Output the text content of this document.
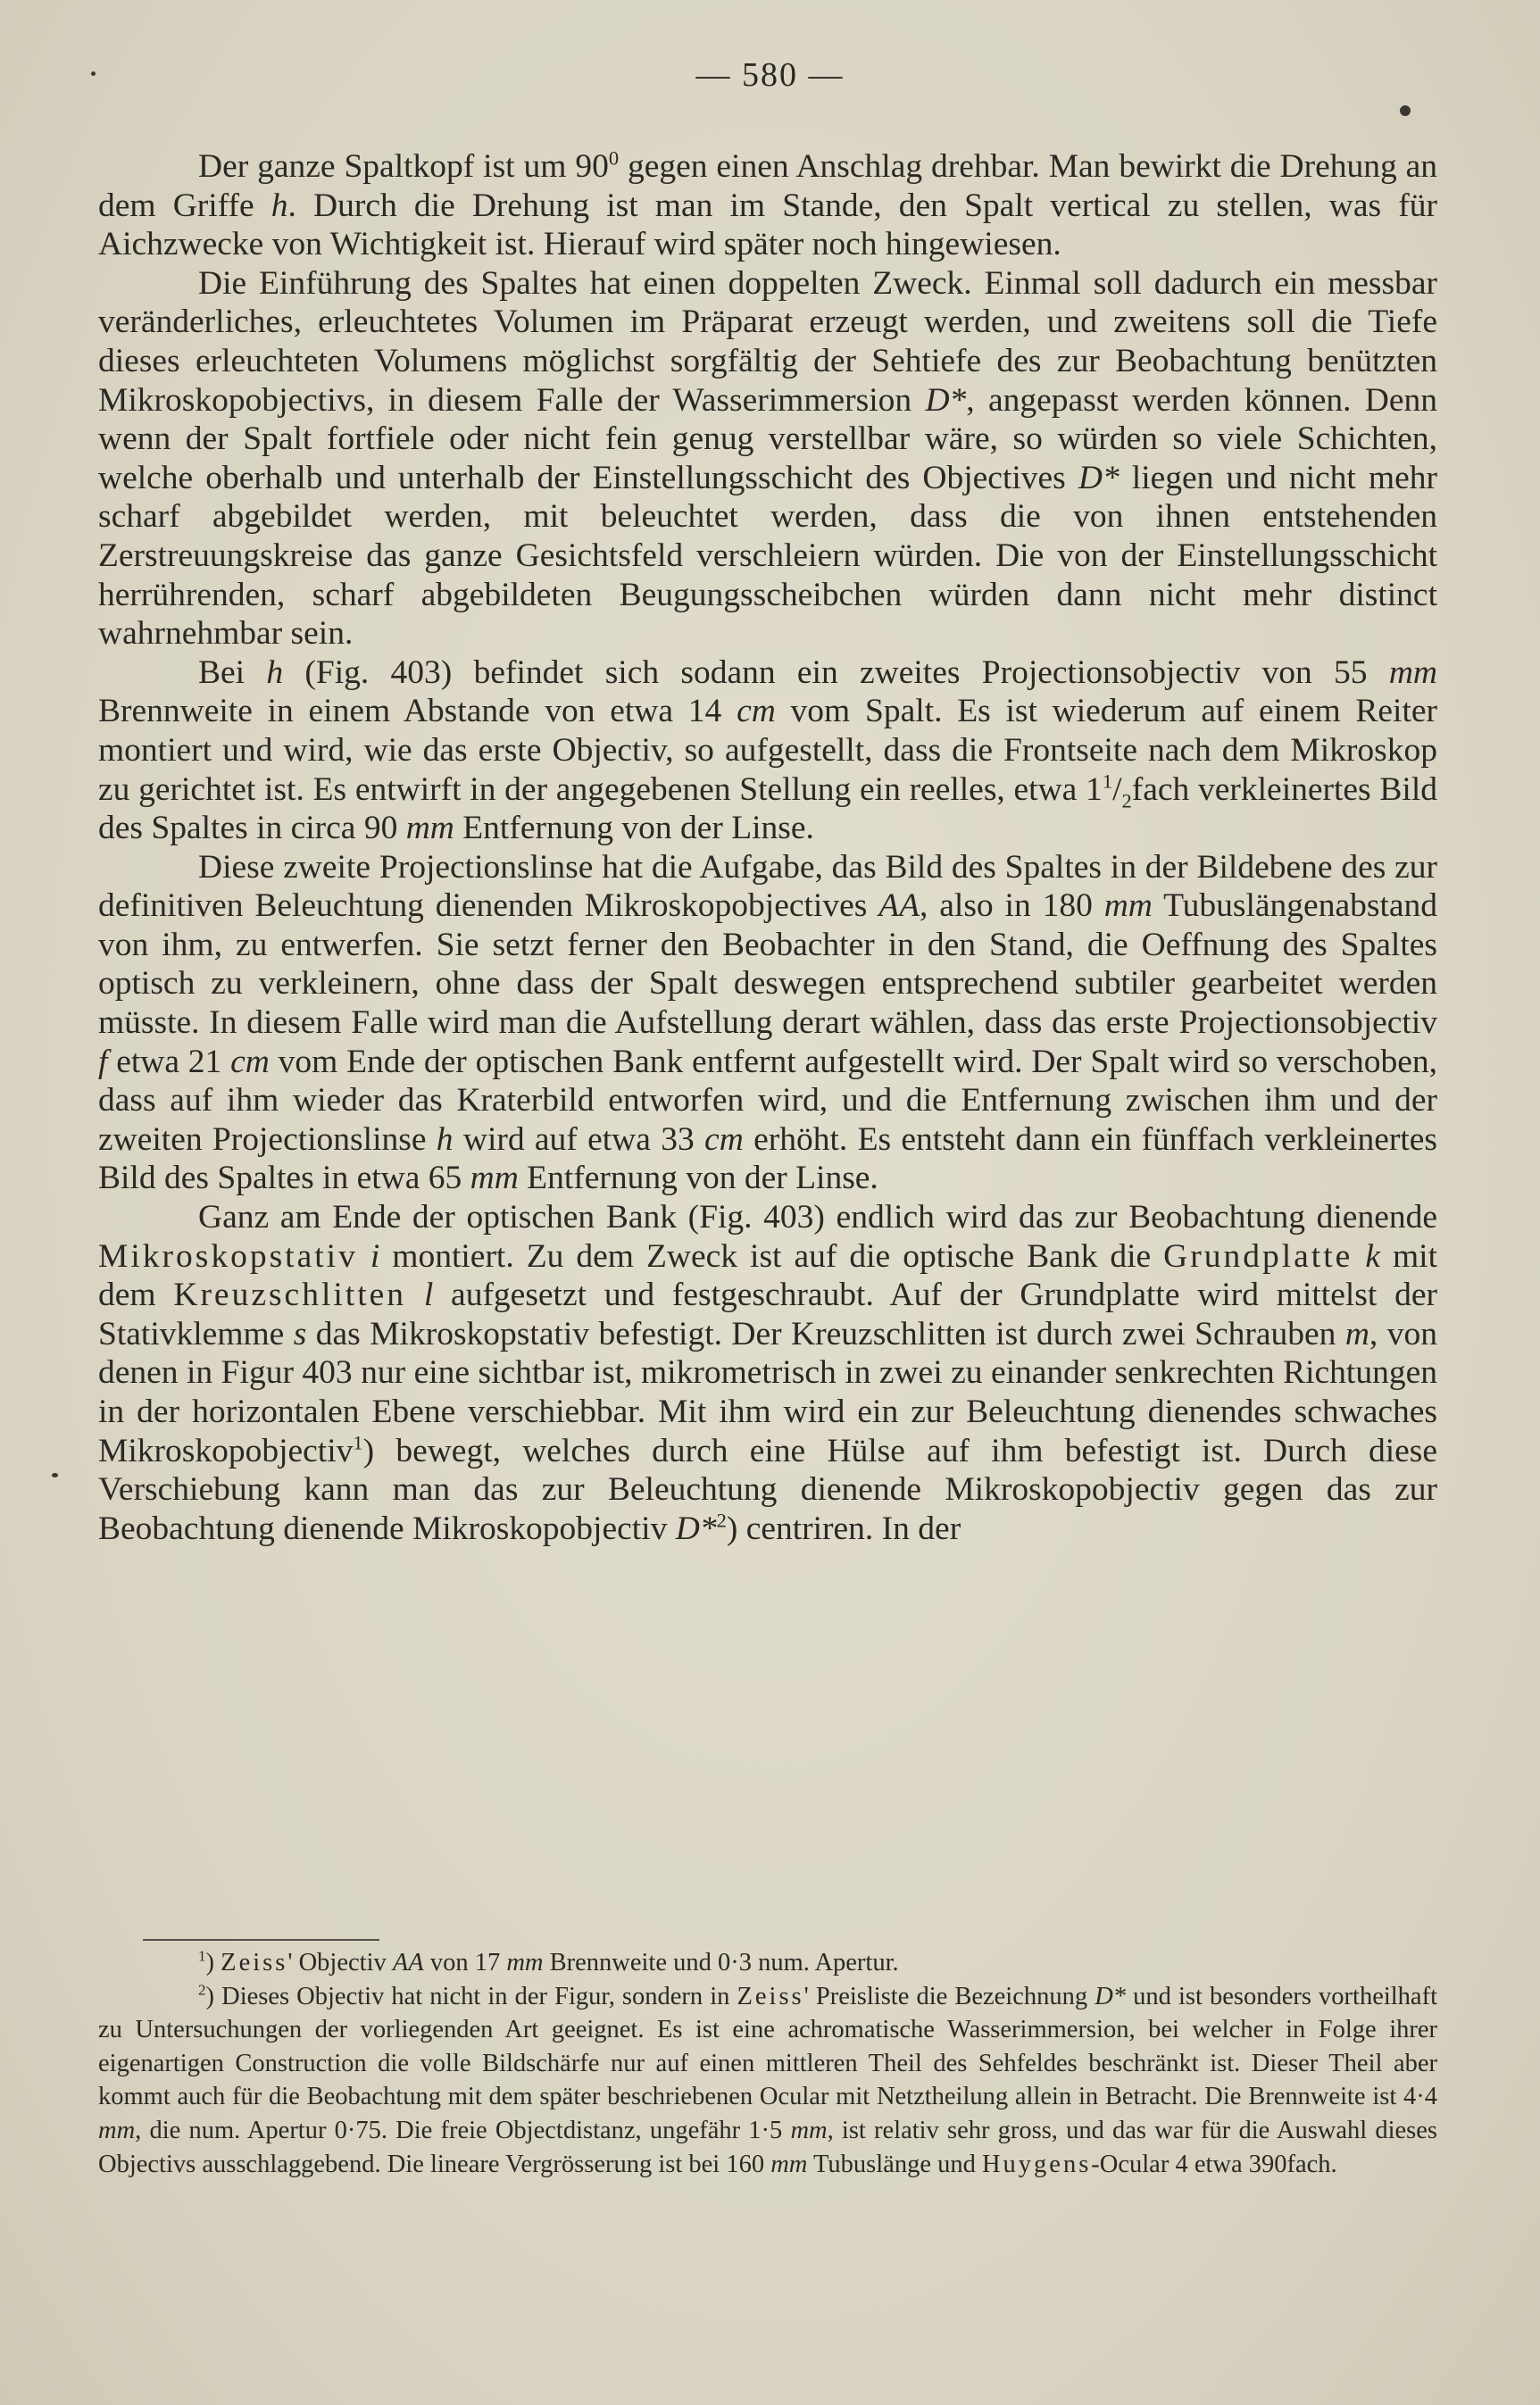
— 580 —

Der ganze Spaltkopf ist um $90^0$ gegen einen Anschlag drehbar. Man bewirkt die Drehung an dem Griffe h. Durch die Drehung ist man im Stande, den Spalt vertical zu stellen, was für Aichzwecke von Wichtigkeit ist. Hierauf wird später noch hingewiesen.

Die Einführung des Spaltes hat einen doppelten Zweck. Einmal soll dadurch ein messbar veränderliches, erleuchtetes Volumen im Präparat erzeugt werden, und zweitens soll die Tiefe dieses erleuchteten Volumens möglichst sorgfältig der Sehtiefe des zur Beobachtung benützten Mikroskopobjectivs, in diesem Falle der Wasserimmersion D*, angepasst werden können. Denn wenn der Spalt fortfiele oder nicht fein genug verstellbar wäre, so würden so viele Schichten, welche oberhalb und unterhalb der Einstellungsschicht des Objectives D* liegen und nicht mehr scharf abgebildet werden, mit beleuchtet werden, dass die von ihnen entstehenden Zerstreuungskreise das ganze Gesichtsfeld verschleiern würden. Die von der Einstellungsschicht herrührenden, scharf abgebildeten Beugungsscheibchen würden dann nicht mehr distinct wahrnehmbar sein.

Bei h (Fig. 403) befindet sich sodann ein zweites Projectionsobjectiv von 55 mm Brennweite in einem Abstande von etwa 14 cm vom Spalt. Es ist wiederum auf einem Reiter montiert und wird, wie das erste Objectiv, so aufgestellt, dass die Frontseite nach dem Mikroskop zu gerichtet ist. Es entwirft in der angegebenen Stellung ein reelles, etwa $1^1/_2fach$ verkleinertes Bild des Spaltes in circa 90 mm Entfernung von der Linse.

Diese zweite Projectionslinse hat die Aufgabe, das Bild des Spaltes in der Bildebene des zur definitiven Beleuchtung dienenden Mikroskopobjectives AA, also in 180 mm Tubuslängenabstand von ihm, zu entwerfen. Sie setzt ferner den Beobachter in den Stand, die Oeffnung des Spaltes optisch zu verkleinern, ohne dass der Spalt deswegen entsprechend subtiler gearbeitet werden müsste. In diesem Falle wird man die Aufstellung derart wählen, dass das erste Projectionsobjectiv f etwa 21 cm vom Ende der optischen Bank entfernt aufgestellt wird. Der Spalt wird so verschoben, dass auf ihm wieder das Kraterbild entworfen wird, und die Entfernung zwischen ihm und der zweiten Projectionslinse h wird auf etwa 33 cm erhöht. Es entsteht dann ein fünffach verkleinertes Bild des Spaltes in etwa 65 mm Entfernung von der Linse.

Ganz am Ende der optischen Bank (Fig. 403) endlich wird das zur Beobachtung dienende Mikroskopstativ i montiert. Zu dem Zweck ist auf die optische Bank die Grundplatte k mit dem Kreuzschlitten l aufgesetzt und festgeschraubt. Auf der Grundplatte wird mittelst der Stativklemme s das Mikroskopstativ befestigt. Der Kreuzschlitten ist durch zwei Schrauben m, von denen in Figur 403 nur eine sichtbar ist, mikrometrisch in zwei zu einander senkrechten Richtungen in der horizontalen Ebene verschiebbar. Mit ihm wird ein zur Beleuchtung dienendes schwaches Mikroskopobjectiv$^1$) bewegt, welches durch eine Hülse auf ihm befestigt ist. Durch diese Verschiebung kann man das zur Beleuchtung dienende Mikroskopobjectiv gegen das zur Beobachtung dienende Mikroskopobjectiv D*$^2$) centriren. In der

$^1$) Zeiss' Objectiv AA von 17 mm Brennweite und 0·3 num. Apertur.

$^2$) Dieses Objectiv hat nicht in der Figur, sondern in Zeiss' Preisliste die Bezeichnung D* und ist besonders vortheilhaft zu Untersuchungen der vorliegenden Art geeignet. Es ist eine achromatische Wasserimmersion, bei welcher in Folge ihrer eigenartigen Construction die volle Bildschärfe nur auf einen mittleren Theil des Sehfeldes beschränkt ist. Dieser Theil aber kommt auch für die Beobachtung mit dem später beschriebenen Ocular mit Netztheilung allein in Betracht. Die Brennweite ist 4·4 mm, die num. Apertur 0·75. Die freie Objectdistanz, ungefähr 1·5 mm, ist relativ sehr gross, und das war für die Auswahl dieses Objectivs ausschlaggebend. Die lineare Vergrösserung ist bei 160 mm Tubuslänge und Huygens-Ocular 4 etwa 390fach.
